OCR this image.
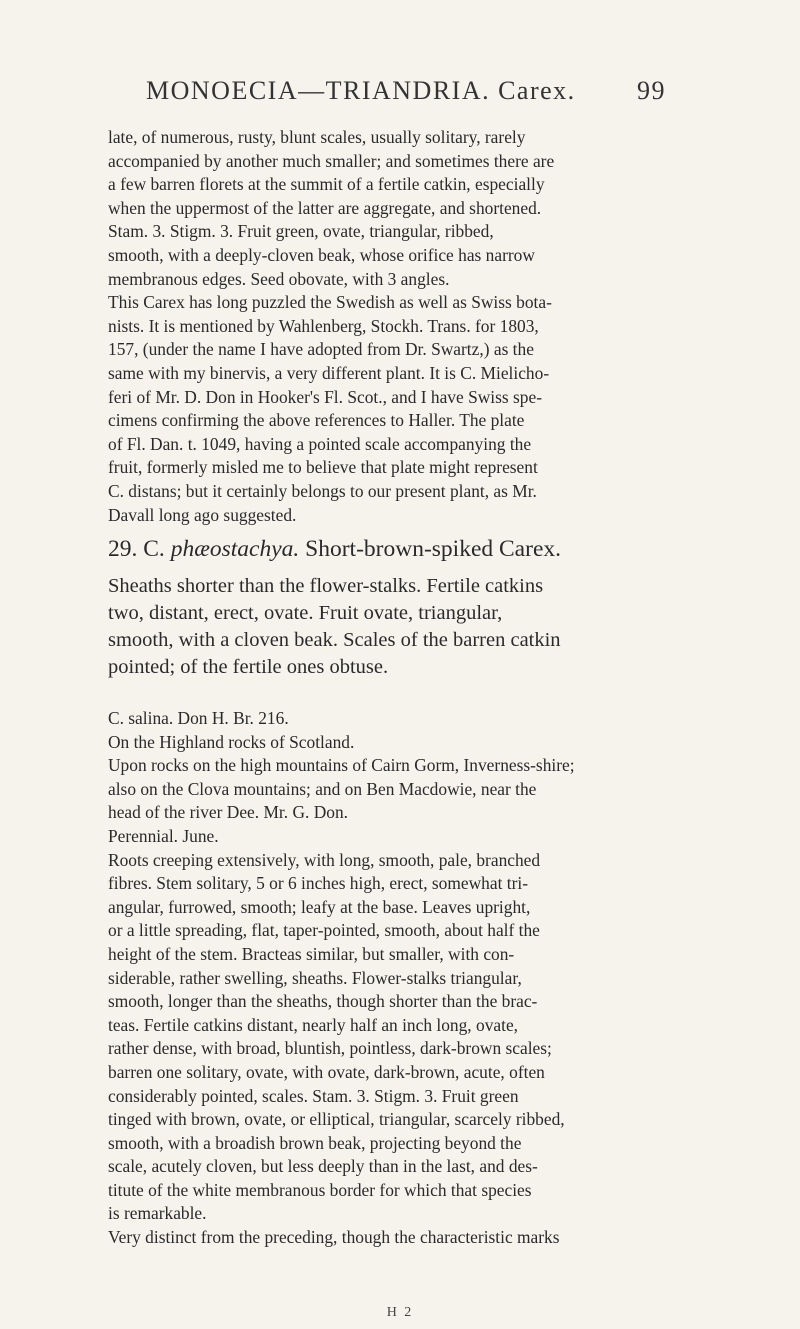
MONOECIA—TRIANDRIA. Carex. 99
late, of numerous, rusty, blunt scales, usually solitary, rarely
accompanied by another much smaller; and sometimes there are
a few barren florets at the summit of a fertile catkin, especially
when the uppermost of the latter are aggregate, and shortened.
Stam. 3. Stigm. 3. Fruit green, ovate, triangular, ribbed,
smooth, with a deeply-cloven beak, whose orifice has narrow
membranous edges. Seed obovate, with 3 angles.
This Carex has long puzzled the Swedish as well as Swiss bota-
nists. It is mentioned by Wahlenberg, Stockh. Trans. for 1803,
157, (under the name I have adopted from Dr. Swartz,) as the
same with my binervis, a very different plant. It is C. Mielicho-
feri of Mr. D. Don in Hooker's Fl. Scot., and I have Swiss spe-
cimens confirming the above references to Haller. The plate
of Fl. Dan. t. 1049, having a pointed scale accompanying the
fruit, formerly misled me to believe that plate might represent
C. distans; but it certainly belongs to our present plant, as Mr.
Davall long ago suggested.
29. C. phæostachya. Short-brown-spiked Carex.
Sheaths shorter than the flower-stalks. Fertile catkins
two, distant, erect, ovate. Fruit ovate, triangular,
smooth, with a cloven beak. Scales of the barren catkin
pointed; of the fertile ones obtuse.
C. salina. Don H. Br. 216.
On the Highland rocks of Scotland.
Upon rocks on the high mountains of Cairn Gorm, Inverness-shire;
also on the Clova mountains; and on Ben Macdowie, near the
head of the river Dee. Mr. G. Don.
Perennial. June.
Roots creeping extensively, with long, smooth, pale, branched
fibres. Stem solitary, 5 or 6 inches high, erect, somewhat tri-
angular, furrowed, smooth; leafy at the base. Leaves upright,
or a little spreading, flat, taper-pointed, smooth, about half the
height of the stem. Bracteas similar, but smaller, with con-
siderable, rather swelling, sheaths. Flower-stalks triangular,
smooth, longer than the sheaths, though shorter than the brac-
teas. Fertile catkins distant, nearly half an inch long, ovate,
rather dense, with broad, bluntish, pointless, dark-brown scales;
barren one solitary, ovate, with ovate, dark-brown, acute, often
considerably pointed, scales. Stam. 3. Stigm. 3. Fruit green
tinged with brown, ovate, or elliptical, triangular, scarcely ribbed,
smooth, with a broadish brown beak, projecting beyond the
scale, acutely cloven, but less deeply than in the last, and des-
titute of the white membranous border for which that species
is remarkable.
Very distinct from the preceding, though the characteristic marks
H 2
